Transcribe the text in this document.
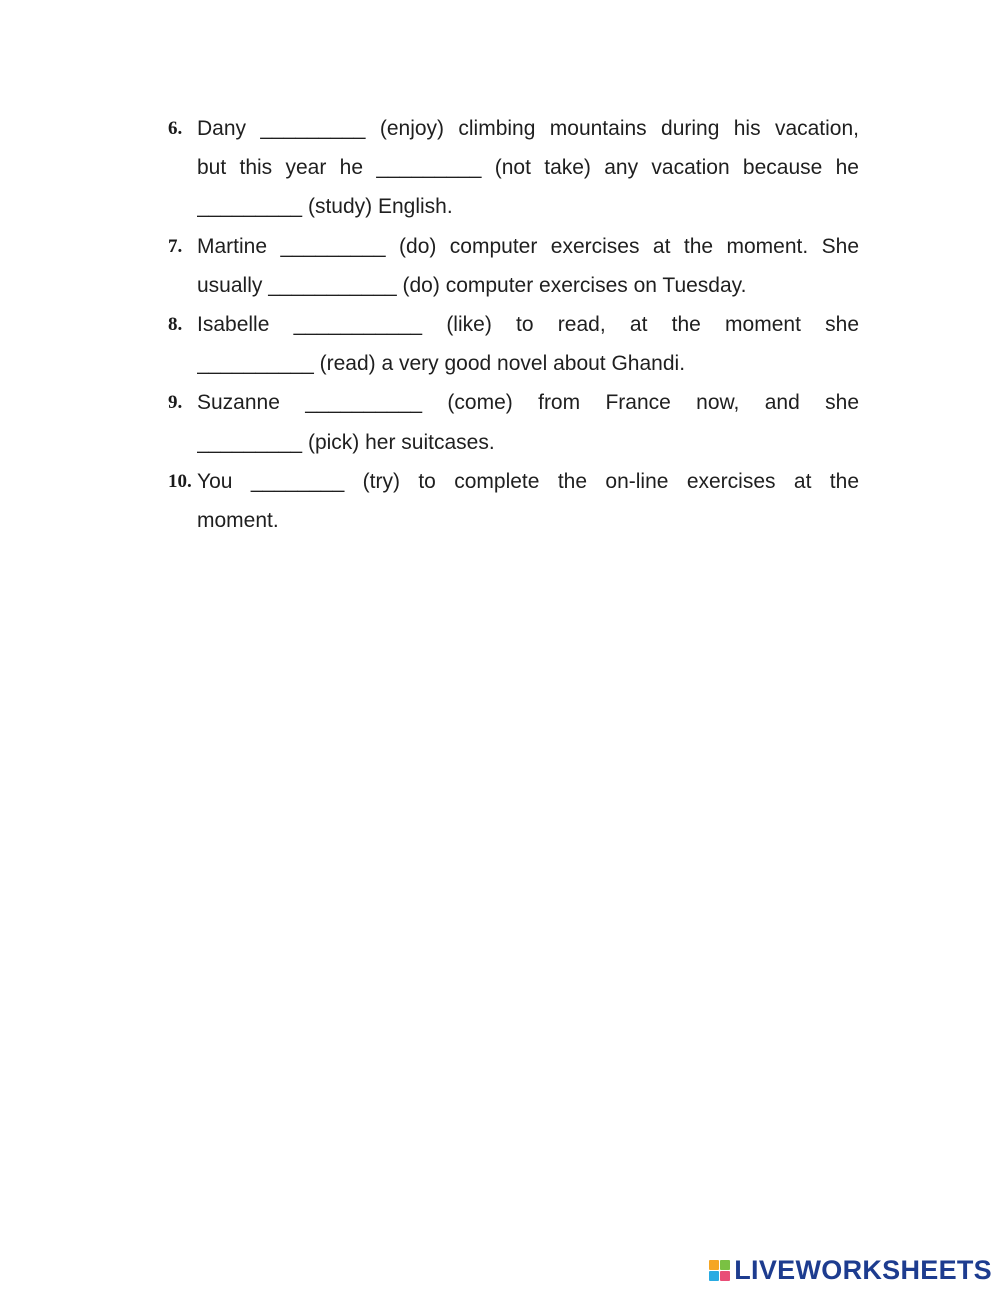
6. Dany _________ (enjoy) climbing mountains during his vacation,
but this year he _________ (not take) any vacation because he
_________ (study) English.
7. Martine _________ (do) computer exercises at the moment. She
usually ___________ (do) computer exercises on Tuesday.
8. Isabelle ___________ (like) to read, at the moment she
__________ (read) a very good novel about Ghandi.
9. Suzanne __________ (come) from France now, and she
_________ (pick) her suitcases.
10. You ________ (try) to complete the on-line exercises at the
moment.
LIVEWORKSHEETS
